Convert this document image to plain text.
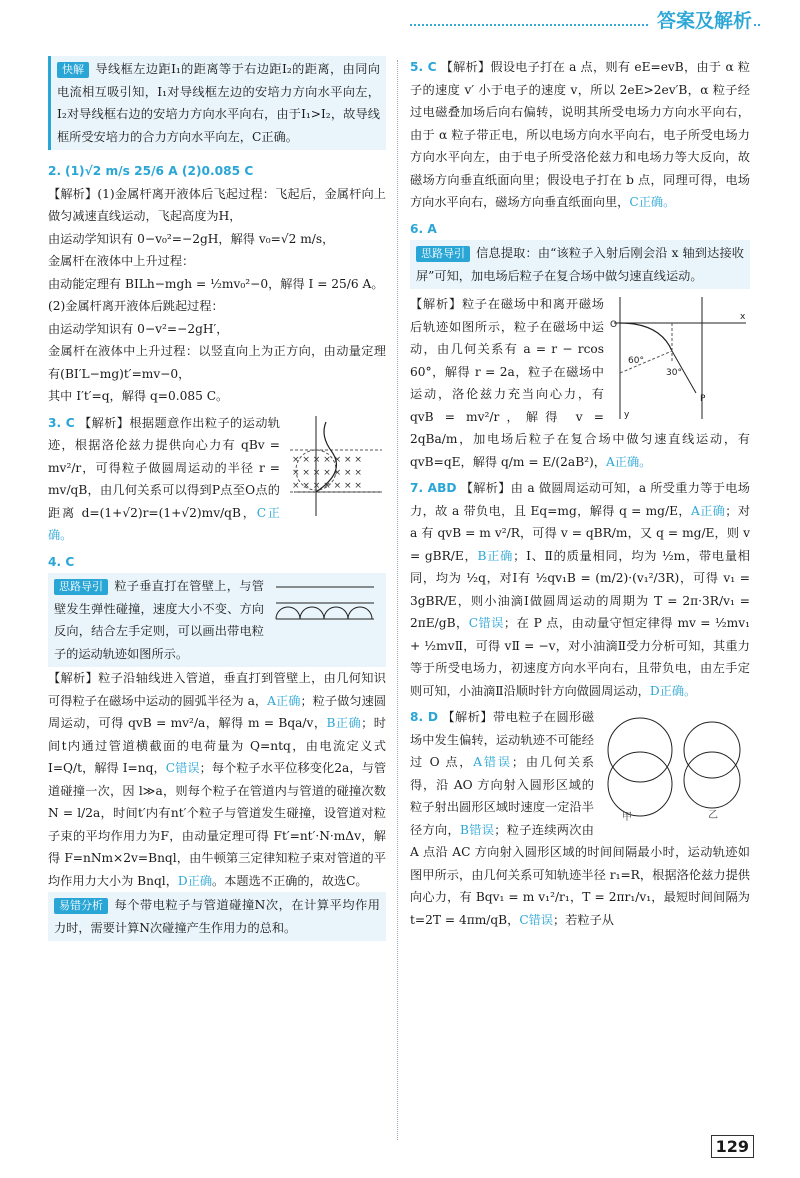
答案及解析

快解 导线框左边距I₁的距离等于右边距I₂的距离，由同向电流相互吸引知，I₁对导线框左边的安培力方向水平向左，I₂对导线框右边的安培力方向水平向右，由于I₁>I₂，故导线框所受安培力的合力方向水平向左，C正确。

2. (1)√2 m/s 25/6 A (2)0.085 C

【解析】(1)金属杆离开液体后飞起过程：飞起后，金属杆向上做匀减速直线运动，飞起高度为H，

由运动学知识有 0−v₀²=−2gH，解得 v₀=√2 m/s，

金属杆在液体中上升过程：

由动能定理有 BILh−mgh = ½mv₀²−0，解得 I = 25/6 A。

(2)金属杆离开液体后跳起过程：

由运动学知识有 0−v²=−2gH′，

金属杆在液体中上升过程：以竖直向上为正方向，由动量定理有(BI′L−mg)t′=mv−0，

其中 I′t′=q，解得 q=0.085 C。

× × × × × × ×
× × × × × × ×
× × × × × × ×

3. C 【解析】根据题意作出粒子的运动轨迹，根据洛伦兹力提供向心力有 qBv = mv²/r，可得粒子做圆周运动的半径 r = mv/qB，由几何关系可以得到P点至O点的距离 d=(1+√2)r=(1+√2)mv/qB，C正确。

4. C

思路导引 粒子垂直打在管壁上，与管壁发生弹性碰撞，速度大小不变、方向反向，结合左手定则，可以画出带电粒子的运动轨迹如图所示。

【解析】粒子沿轴线进入管道，垂直打到管壁上，由几何知识可得粒子在磁场中运动的圆弧半径为 a，A正确；粒子做匀速圆周运动，可得 qvB = mv²/a，解得 m = Bqa/v，B正确；时间t内通过管道横截面的电荷量为 Q=ntq，由电流定义式 I=Q/t，解得 I=nq，C错误；每个粒子水平位移变化2a，与管道碰撞一次，因 l≫a，则每个粒子在管道内与管道的碰撞次数 N = l/2a，时间t′内有nt′个粒子与管道发生碰撞，设管道对粒子束的平均作用力为F，由动量定理可得 Ft′=nt′·N·mΔv，解得 F=nNm×2v=Bnql，由牛顿第三定律知粒子束对管道的平均作用力大小为 Bnql，D正确。本题选不正确的，故选C。

易错分析 每个带电粒子与管道碰撞N次，在计算平均作用力时，需要计算N次碰撞产生作用力的总和。

5. C 【解析】假设电子打在 a 点，则有 eE=evB，由于 α 粒子的速度 v′ 小于电子的速度 v，所以 2eE>2ev′B，α 粒子经过电磁叠加场后向右偏转，说明其所受电场力方向水平向右，由于 α 粒子带正电，所以电场方向水平向右，电子所受电场力方向水平向左，由于电子所受洛伦兹力和电场力等大反向，故磁场方向垂直纸面向里；假设电子打在 b 点，同理可得，电场方向水平向右，磁场方向垂直纸面向里，C正确。

6. A

思路导引 信息提取：由“该粒子入射后刚会沿 x 轴到达接收屏”可知，加电场后粒子在复合场中做匀速直线运动。

x
y
O
60°
30°
P

【解析】粒子在磁场中和离开磁场后轨迹如图所示，粒子在磁场中运动，由几何关系有 a = r − rcos 60°，解得 r = 2a，粒子在磁场中运动，洛伦兹力充当向心力，有 qvB = mv²/r，解得 v = 2qBa/m，加电场后粒子在复合场中做匀速直线运动，有 qvB=qE，解得 q/m = E/(2aB²)，A正确。

7. ABD 【解析】由 a 做圆周运动可知，a 所受重力等于电场力，故 a 带负电，且 Eq=mg，解得 q = mg/E，A正确；对 a 有 qvB = m v²/R，可得 v = qBR/m，又 q = mg/E，则 v = gBR/E，B正确；Ⅰ、Ⅱ的质量相同，均为 ½m，带电量相同，均为 ½q，对Ⅰ有 ½qv₁B = (m/2)·(v₁²/3R)，可得 v₁ = 3gBR/E，则小油滴Ⅰ做圆周运动的周期为 T = 2π·3R/v₁ = 2πE/gB，C错误；在 P 点，由动量守恒定律得 mv = ½mv₁ + ½mvⅡ，可得 vⅡ = −v，对小油滴Ⅱ受力分析可知，其重力等于所受电场力，初速度方向水平向右，且带负电，由左手定则可知，小油滴Ⅱ沿顺时针方向做圆周运动，D正确。

甲	乙

8. D 【解析】带电粒子在圆形磁场中发生偏转，运动轨迹不可能经过 O 点，A错误；由几何关系得，沿 AO 方向射入圆形区域的粒子射出圆形区域时速度一定沿半径方向，B错误；粒子连续两次由 A 点沿 AC 方向射入圆形区域的时间间隔最小时，运动轨迹如图甲所示，由几何关系可知轨迹半径 r₁=R，根据洛伦兹力提供向心力，有 Bqv₁ = m v₁²/r₁，T = 2πr₁/v₁，最短时间间隔为 t=2T = 4πm/qB，C错误；若粒子从

129
